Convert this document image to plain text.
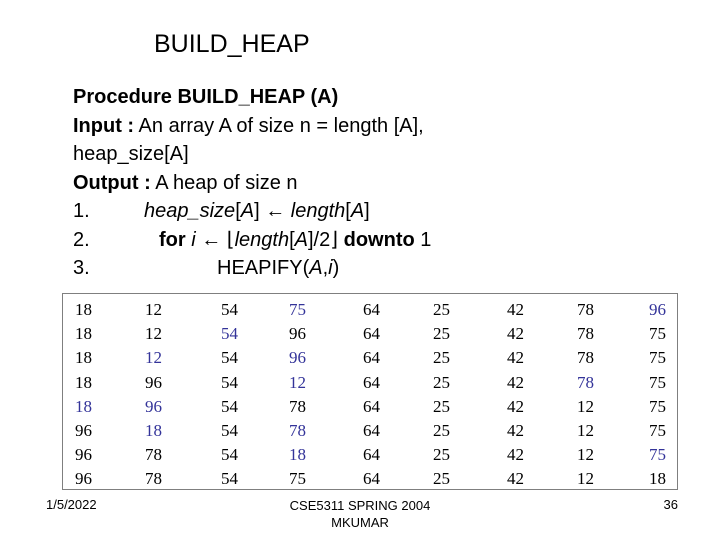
BUILD_HEAP
Procedure BUILD_HEAP (A)
Input : An array A of size n = length [A],
heap_size[A]
Output : A heap of size n
1.	heap_size[A] ← length[A]
2.	for i ← ⌊length[A]/2⌋ downto 1
3.	HEAPIFY(A,i)
18	12	54	75	64	25	42	78	96
18	12	54	96	64	25	42	78	75
18	12	54	96	64	25	42	78	75
18	96	54	12	64	25	42	78	75
18	96	54	78	64	25	42	12	75
96	18	54	78	64	25	42	12	75
96	78	54	18	64	25	42	12	75
96	78	54	75	64	25	42	12	18
1/5/2022	CSE5311 SPRING 2004
MKUMAR
36
